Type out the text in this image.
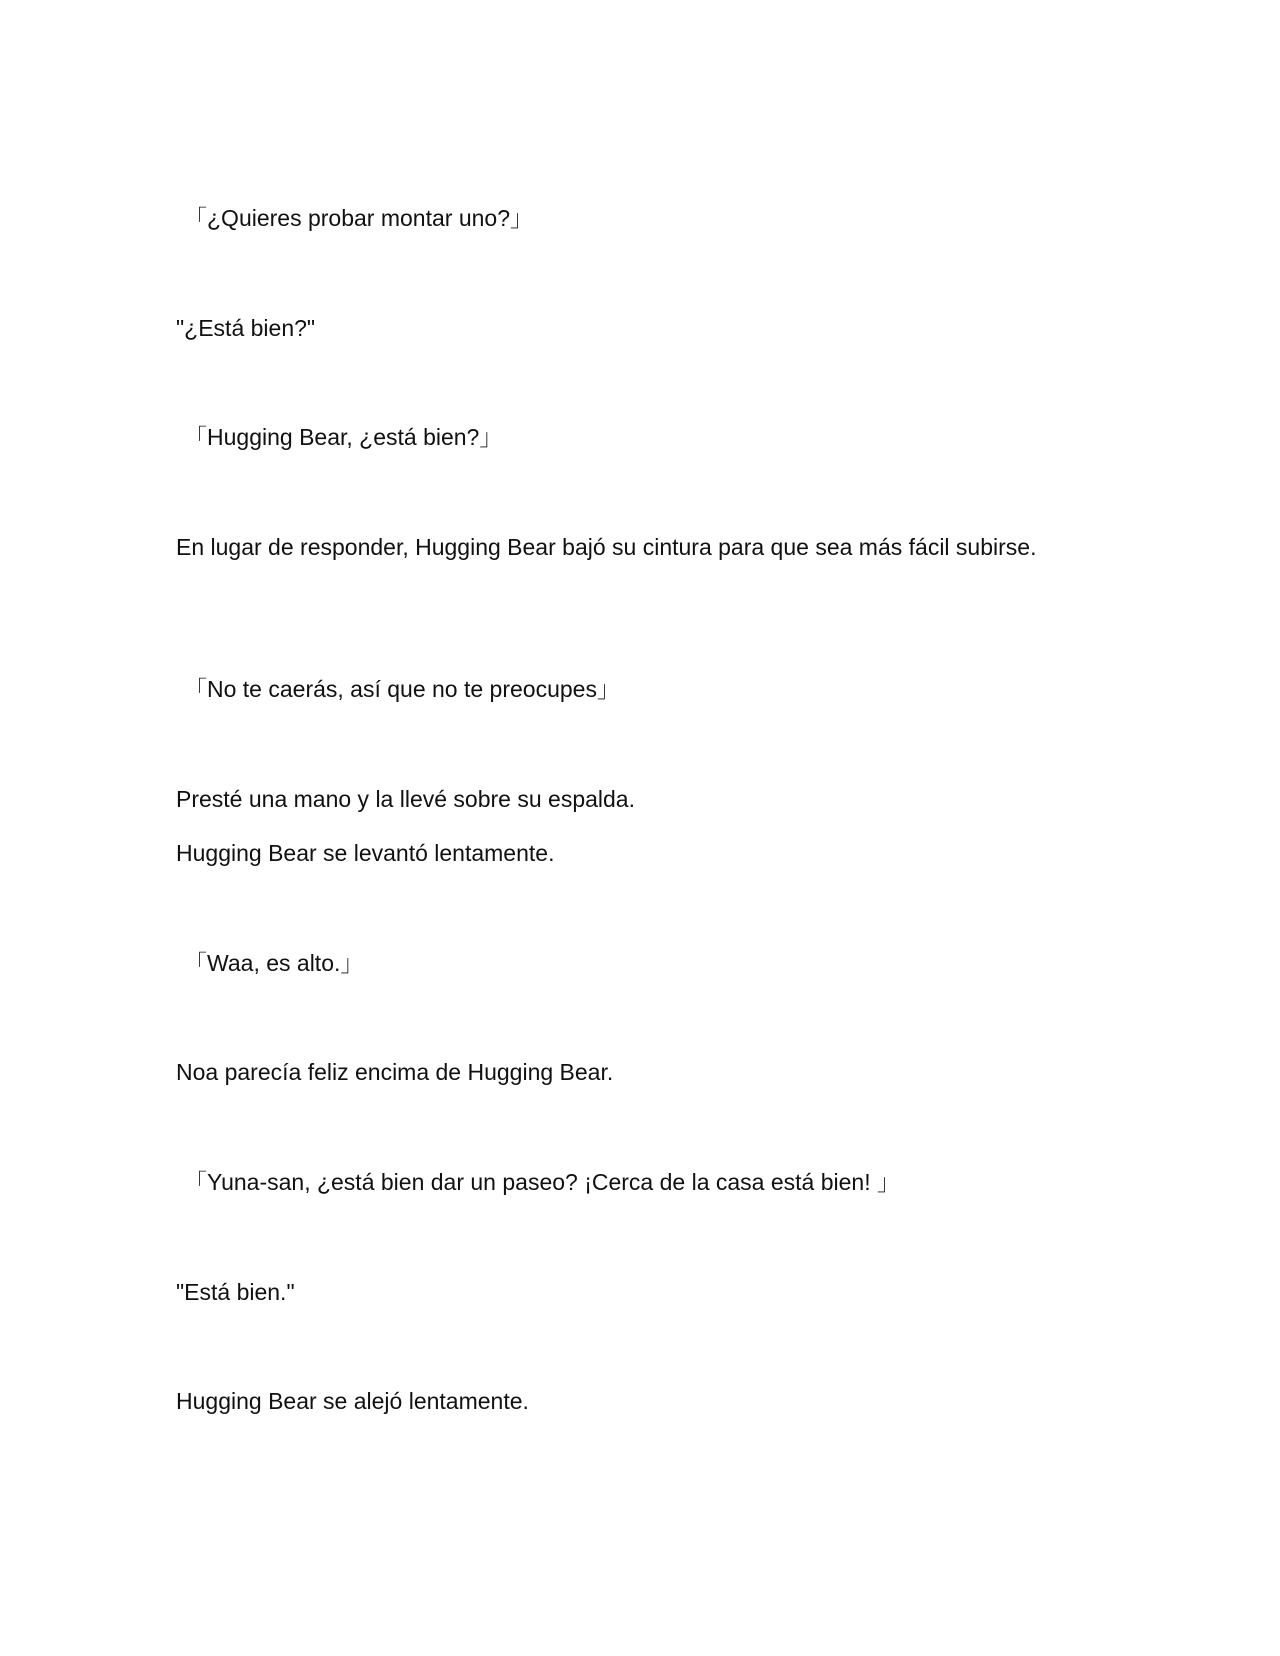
「¿Quieres probar montar uno?」

"¿Está bien?"

「Hugging Bear, ¿está bien?」

En lugar de responder, Hugging Bear bajó su cintura para que sea más fácil subirse.

「No te caerás, así que no te preocupes」

Presté una mano y la llevé sobre su espalda.

Hugging Bear se levantó lentamente.

「Waa, es alto.」

Noa parecía feliz encima de Hugging Bear.

「Yuna-san, ¿está bien dar un paseo? ¡Cerca de la casa está bien! 」

"Está bien."

Hugging Bear se alejó lentamente.
